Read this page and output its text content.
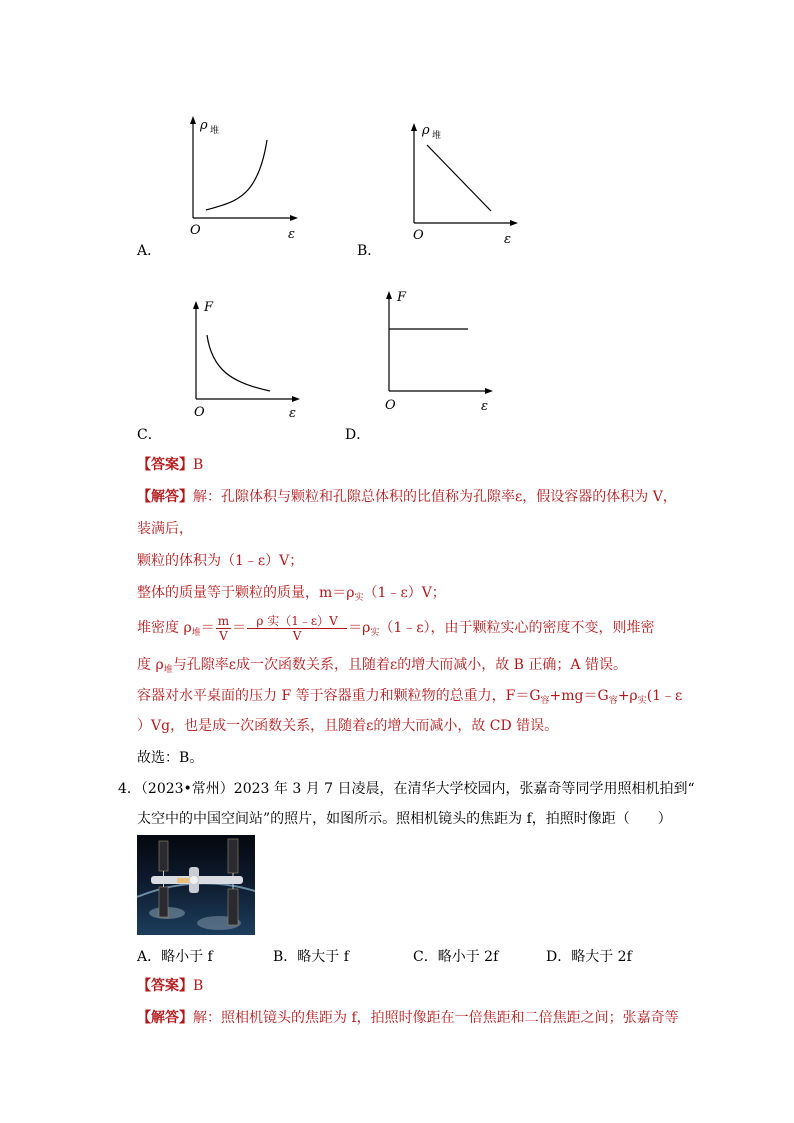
ρ 堆
O	ε
A．
ρ 堆
O	ε
B．
F
O	ε
C．
F
O	ε
D．
【答案】B
【解答】解：孔隙体积与颗粒和孔隙总体积的比值称为孔隙率ε，假设容器的体积为 V，
装满后，
颗粒的体积为（1﹣ε）V；
整体的质量等于颗粒的质量，$m=\rho_实(1﹣\varepsilon)V$；
堆密度 $\rho_堆= \frac{m}{V} = \frac{\text{ρ 实（1﹣ε）V}}{V}$ $=\rho_实(1﹣\varepsilon)$，由于颗粒实心的密度不变，则堆密
度 $\rho_堆$与孔隙率ε成一次函数关系，且随着ε的增大而减小，故 B 正确；A 错误。
容器对水平桌面的压力 F 等于容器重力和颗粒物的总重力，$F=G_容+mg=G_容+\rho_实(1﹣\varepsilon$
）Vg，也是成一次函数关系，且随着ε的增大而减小，故 CD 错误。
故选：B。
4．（2023•常州）2023 年 3 月 7 日凌晨，在清华大学校园内，张嘉奇等同学用照相机拍到“
太空中的中国空间站”的照片，如图所示。照相机镜头的焦距为 f，拍照时像距（　　）
A．略小于 f	B．略大于 f	C．略小于 2f	D．略大于 2f
【答案】B
【解答】解：照相机镜头的焦距为 f，拍照时像距在一倍焦距和二倍焦距之间；张嘉奇等
